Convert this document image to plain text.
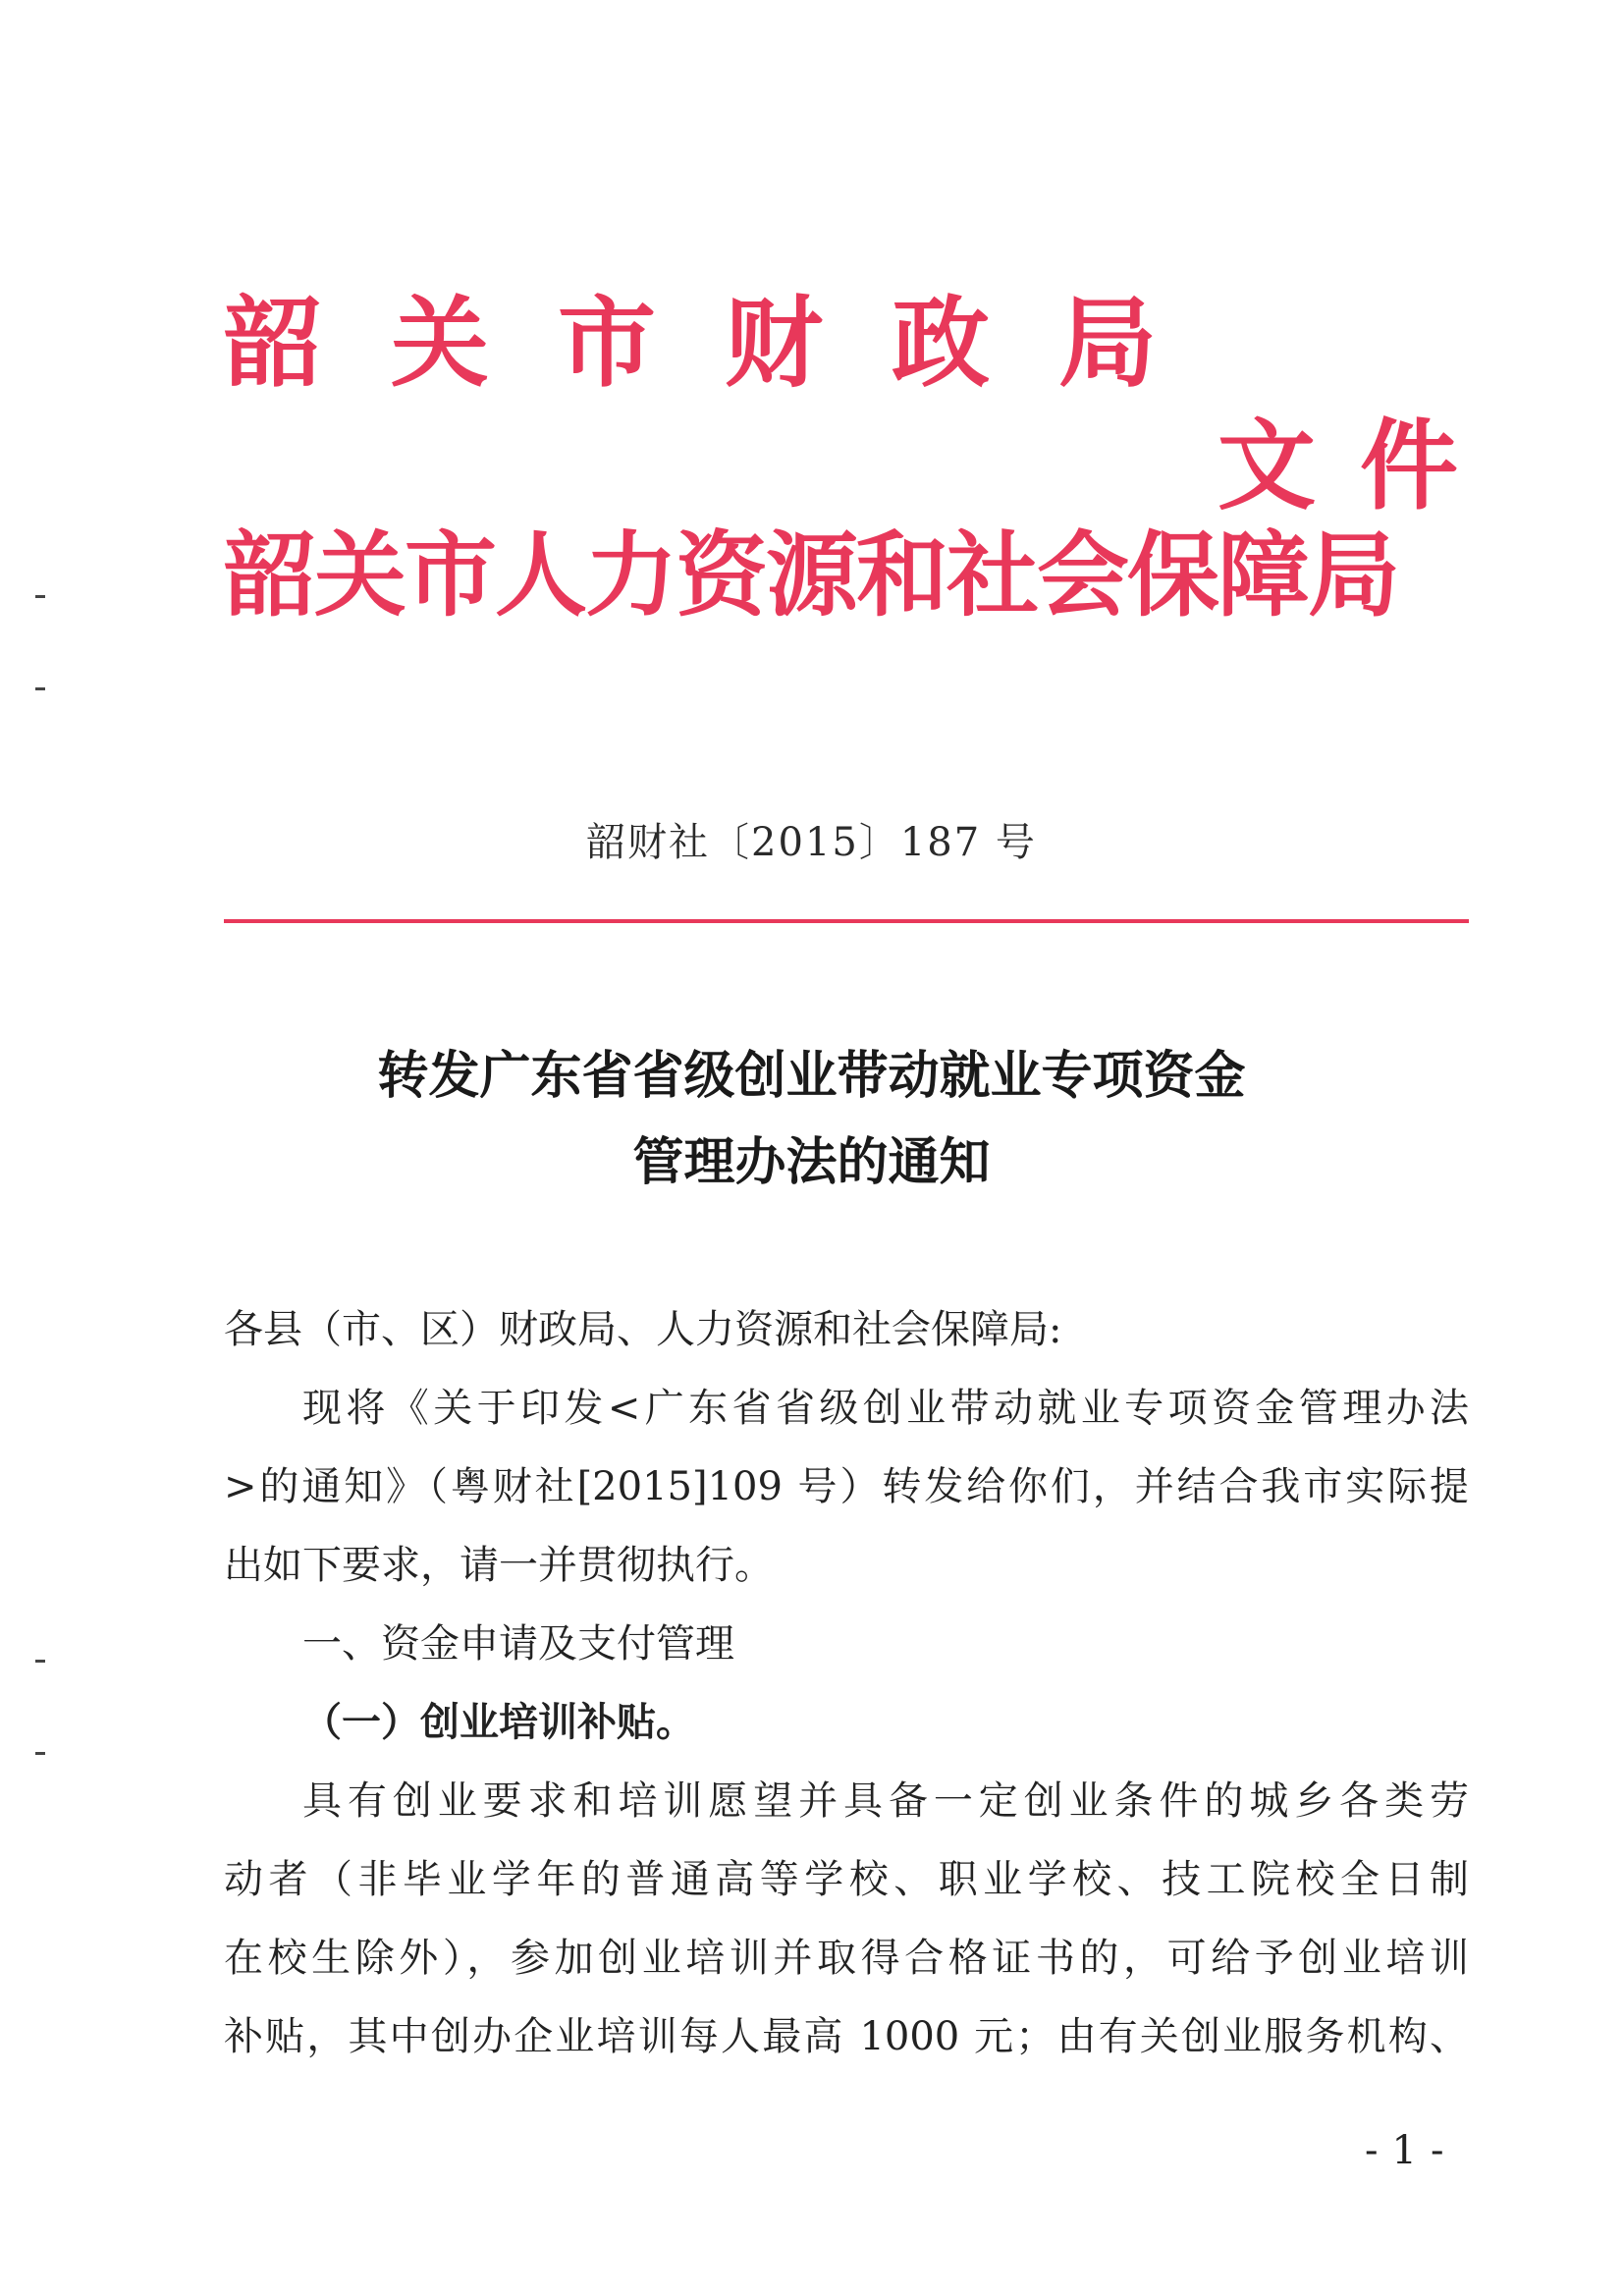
韶关市财政局

文件

韶关市人力资源和社会保障局

韶财社〔2015〕187 号

转发广东省省级创业带动就业专项资金

管理办法的通知

各县（市、区）财政局、人力资源和社会保障局:

现将《关于印发<广东省省级创业带动就业专项资金管理办法

>的通知》（粤财社[2015]109 号）转发给你们，并结合我市实际提

出如下要求，请一并贯彻执行。

一、资金申请及支付管理

（一）创业培训补贴。

具有创业要求和培训愿望并具备一定创业条件的城乡各类劳

动者（非毕业学年的普通高等学校、职业学校、技工院校全日制

在校生除外），参加创业培训并取得合格证书的，可给予创业培训

补贴，其中创办企业培训每人最高 1000 元；由有关创业服务机构、

-1-
